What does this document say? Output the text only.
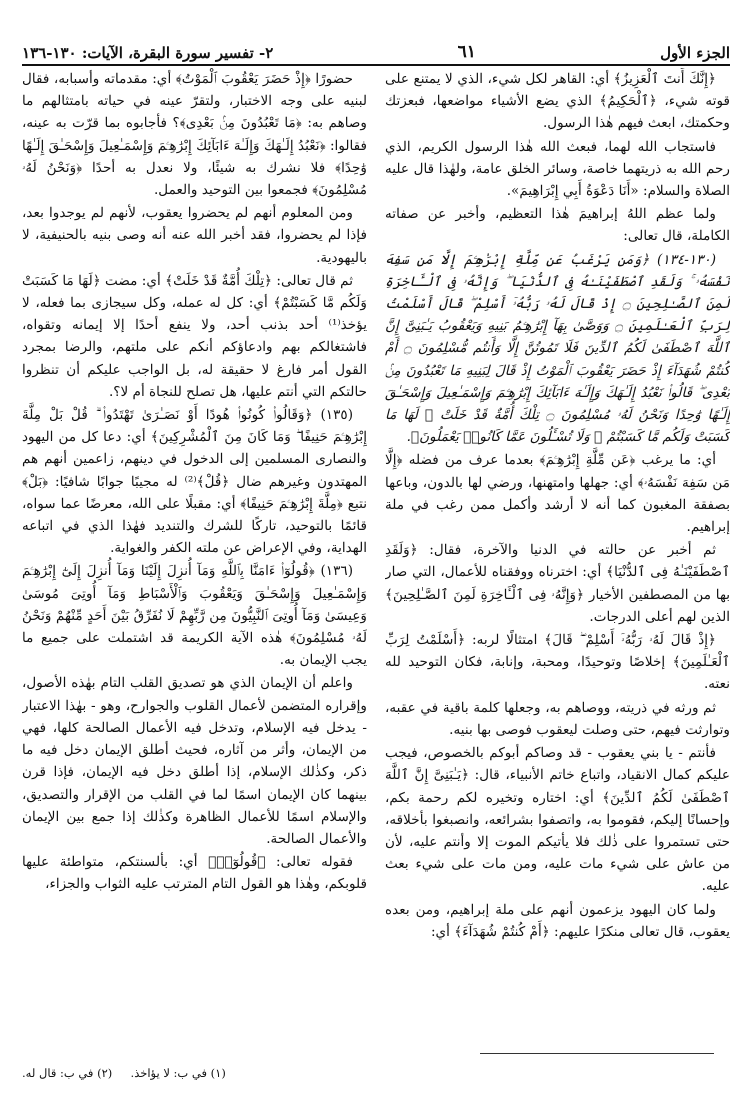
الجزء الأول
٦١
٢- تفسير سورة البقرة، الآيات: ١٣٠-١٣٦

﴿إِنَّكَ أَنتَ ٱلْعَزِيزُ﴾ أي: القاهر لكل شيء، الذي لا يمتنع على قوته شيء، ﴿ٱلْحَكِيمُ﴾ الذي يضع الأشياء مواضعها، فبعزتك وحكمتك، ابعث فيهم هٰذا الرسول.

فاستجاب الله لهما، فبعث الله هٰذا الرسول الكريم، الذي رحم الله به ذريتهما خاصة، وسائر الخلق عامة، ولهٰذا قال عليه الصلاة والسلام: «أَنَا دَعْوَةُ أَبِي إِبْرَاهِيمَ».

ولما عظم اللهُ إبراهيمَ هٰذا التعظيم، وأخبر عن صفاته الكاملة، قال تعالى:

(١٣٠-١٣٤) ﴿وَمَن يَرْغَبُ عَن مِّلَّةِ إِبْرَٰهِـۧمَ إِلَّا مَن سَفِهَ نَفْسَهُۥ ۚ وَلَقَدِ ٱصْطَفَيْنَـٰهُ فِى ٱلدُّنْيَا ۖ وَإِنَّهُۥ فِى ٱلْـَٔاخِرَةِ لَمِنَ ٱلصَّـٰلِحِينَ ۝ إِذْ قَالَ لَهُۥ رَبُّهُۥٓ أَسْلِمْ ۖ قَالَ أَسْلَمْتُ لِرَبِّ ٱلْعَـٰلَمِينَ ۝ وَوَصَّىٰ بِهَآ إِبْرَٰهِـۧمُ بَنِيهِ وَيَعْقُوبُ يَـٰبَنِىَّ إِنَّ ٱللَّهَ ٱصْطَفَىٰ لَكُمُ ٱلدِّينَ فَلَا تَمُوتُنَّ إِلَّا وَأَنتُم مُّسْلِمُونَ ۝ أَمْ كُنتُمْ شُهَدَآءَ إِذْ حَضَرَ يَعْقُوبَ ٱلْمَوْتُ إِذْ قَالَ لِبَنِيهِ مَا تَعْبُدُونَ مِنۢ بَعْدِى ۖ قَالُوا۟ نَعْبُدُ إِلَـٰهَكَ وَإِلَـٰهَ ءَابَآئِكَ إِبْرَٰهِـۧمَ وَإِسْمَـٰعِيلَ وَإِسْحَـٰقَ إِلَـٰهًا وَٰحِدًا وَنَحْنُ لَهُۥ مُسْلِمُونَ ۝ تِلْكَ أُمَّةٌ قَدْ خَلَتْ ۖ لَهَا مَا كَسَبَتْ وَلَكُم مَّا كَسَبْتُمْ ۖ وَلَا تُسْـَٔلُونَ عَمَّا كَانُوا۟ يَعْمَلُونَ﴾.

أي: ما يرغب ﴿عَن مِّلَّةِ إِبْرَٰهِـۧمَ﴾ بعدما عرف من فضله ﴿إِلَّا مَن سَفِهَ نَفْسَهُۥ﴾ أي: جهلها وامتهنها، ورضي لها بالدون، وباعها بصفقة المغبون كما أنه لا أرشد وأكمل ممن رغب في ملة إبراهيم.

ثم أخبر عن حالته في الدنيا والآخرة، فقال: ﴿وَلَقَدِ ٱصْطَفَيْنَـٰهُ فِى ٱلدُّنْيَا﴾ أي: اخترناه ووفقناه للأعمال، التي صار بها من المصطفين الأخيار ﴿وَإِنَّهُۥ فِى ٱلْـَٔاخِرَةِ لَمِنَ ٱلصَّـٰلِحِينَ﴾ الذين لهم أعلى الدرجات.

﴿إِذْ قَالَ لَهُۥ رَبُّهُۥٓ أَسْلِمْ ۖ قَالَ﴾ امتثالًا لربه: ﴿أَسْلَمْتُ لِرَبِّ ٱلْعَـٰلَمِينَ﴾ إخلاصًا وتوحيدًا، ومحبة، وإنابة، فكان التوحيد لله نعته.

ثم ورثه في ذريته، ووصاهم به، وجعلها كلمة باقية في عقبه، وتوارثت فيهم، حتى وصلت ليعقوب فوصى بها بنيه.

فأنتم - يا بني يعقوب - قد وصاكم أبوكم بالخصوص، فيجب عليكم كمال الانقياد، واتباع خاتم الأنبياء، قال: ﴿يَـٰبَنِىَّ إِنَّ ٱللَّهَ ٱصْطَفَىٰ لَكُمُ ٱلدِّينَ﴾ أي: اختاره وتخيره لكم رحمة بكم، وإحسانًا إليكم، فقوموا به، واتصفوا بشرائعه، وانصبغوا بأخلاقه، حتى تستمروا على ذٰلك فلا يأتيكم الموت إلا وأنتم عليه، لأن من عاش على شيء مات عليه، ومن مات على شيء بعث عليه.

ولما كان اليهود يزعمون أنهم على ملة إبراهيم، ومن بعده يعقوب، قال تعالى منكرًا عليهم: ﴿أَمْ كُنتُمْ شُهَدَآءَ﴾ أي:

حضورًا ﴿إِذْ حَضَرَ يَعْقُوبَ ٱلْمَوْتُ﴾ أي: مقدماته وأسبابه، فقال لبنيه على وجه الاختبار، ولتقرّ عينه في حياته بامتثالهم ما وصاهم به: ﴿مَا تَعْبُدُونَ مِنۢ بَعْدِى﴾؟ فأجابوه بما قرّت به عينه، فقالوا: ﴿نَعْبُدُ إِلَـٰهَكَ وَإِلَـٰهَ ءَابَآئِكَ إِبْرَٰهِـۧمَ وَإِسْمَـٰعِيلَ وَإِسْحَـٰقَ إِلَـٰهًا وَٰحِدًا﴾ فلا نشرك به شيئًا، ولا نعدل به أحدًا ﴿وَنَحْنُ لَهُۥ مُسْلِمُونَ﴾ فجمعوا بين التوحيد والعمل.

ومن المعلوم أنهم لم يحضروا يعقوب، لأنهم لم يوجدوا بعد، فإذا لم يحضروا، فقد أخبر الله عنه أنه وصى بنيه بالحنيفية، لا باليهودية.

ثم قال تعالى: ﴿تِلْكَ أُمَّةٌ قَدْ خَلَتْ﴾ أي: مضت ﴿لَهَا مَا كَسَبَتْ وَلَكُم مَّا كَسَبْتُمْ﴾ أي: كل له عمله، وكل سيجازى بما فعله، لا يؤخذ⁽¹⁾ أحد بذنب أحد، ولا ينفع أحدًا إلا إيمانه وتقواه، فاشتغالكم بهم وادعاؤكم أنكم على ملتهم، والرضا بمجرد القول أمر فارغ لا حقيقة له، بل الواجب عليكم أن تنظروا حالتكم التي أنتم عليها، هل تصلح للنجاة أم لا؟.

(١٣٥) ﴿وَقَالُوا۟ كُونُوا۟ هُودًا أَوْ نَصَـٰرَىٰ تَهْتَدُوا۟ ۗ قُلْ بَلْ مِلَّةَ إِبْرَٰهِـۧمَ حَنِيفًا ۖ وَمَا كَانَ مِنَ ٱلْمُشْرِكِينَ﴾ أي: دعا كل من اليهود والنصارى المسلمين إلى الدخول في دينهم، زاعمين أنهم هم المهتدون وغيرهم ضال ﴿قُلْ﴾⁽²⁾ له مجيبًا جوابًا شافيًا: ﴿بَلْ﴾ نتبع ﴿مِلَّةَ إِبْرَٰهِـۧمَ حَنِيفًا﴾ أي: مقبلًا على الله، معرضًا عما سواه، قائمًا بالتوحيد، تاركًا للشرك والتنديد فهٰذا الذي في اتباعه الهداية، وفي الإعراض عن ملته الكفر والغواية.

(١٣٦) ﴿قُولُوٓا۟ ءَامَنَّا بِٱللَّهِ وَمَآ أُنزِلَ إِلَيْنَا وَمَآ أُنزِلَ إِلَىٰٓ إِبْرَٰهِـۧمَ وَإِسْمَـٰعِيلَ وَإِسْحَـٰقَ وَيَعْقُوبَ وَٱلْأَسْبَاطِ وَمَآ أُوتِىَ مُوسَىٰ وَعِيسَىٰ وَمَآ أُوتِىَ ٱلنَّبِيُّونَ مِن رَّبِّهِمْ لَا نُفَرِّقُ بَيْنَ أَحَدٍ مِّنْهُمْ وَنَحْنُ لَهُۥ مُسْلِمُونَ﴾ هٰذه الآية الكريمة قد اشتملت على جميع ما يجب الإيمان به.

واعلم أن الإيمان الذي هو تصديق القلب التام بهٰذه الأصول، وإقراره المتضمن لأعمال القلوب والجوارح، وهو - بهٰذا الاعتبار - يدخل فيه الإسلام، وتدخل فيه الأعمال الصالحة كلها، فهي من الإيمان، وأثر من آثاره، فحيث أطلق الإيمان دخل فيه ما ذكر، وكذٰلك الإسلام، إذا أطلق دخل فيه الإيمان، فإذا قرن بينهما كان الإيمان اسمًا لما في القلب من الإقرار والتصديق، والإسلام اسمًا للأعمال الظاهرة وكذٰلك إذا جمع بين الإيمان والأعمال الصالحة.

فقوله تعالى: ﴿قُولُوٓا۟﴾ أي: بألسنتكم، متواطئة عليها قلوبكم، وهٰذا هو القول التام المترتب عليه الثواب والجزاء،

(١) في ب: لا يؤاخذ.     (٢) في ب: قال له.
